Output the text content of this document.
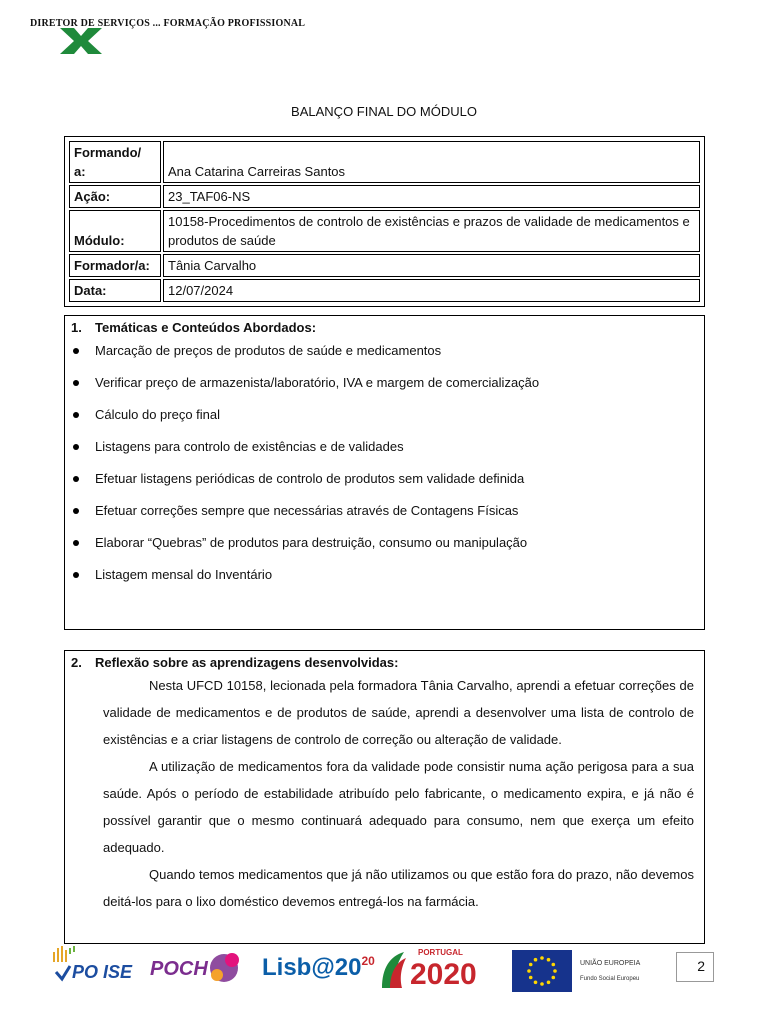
DIRETOR DE SERVIÇOS ... FORMAÇÃO PROFISSIONAL
BALANÇO FINAL DO MÓDULO
Formando/
a:	Ana Catarina Carreiras Santos
Ação:	23_TAF06-NS
Módulo:	10158-Procedimentos de controlo de existências e prazos de validade de medicamentos e produtos de saúde
Formador/a:	Tânia Carvalho
Data:	12/07/2024
1. Temáticas e Conteúdos Abordados:
Marcação de preços de produtos de saúde e medicamentos
Verificar preço de armazenista/laboratório, IVA e margem de comercialização
Cálculo do preço final
Listagens para controlo de existências e de validades
Efetuar listagens periódicas de controlo de produtos sem validade definida
Efetuar correções sempre que necessárias através de Contagens Físicas
Elaborar “Quebras” de produtos para destruição, consumo ou manipulação
Listagem mensal do Inventário
2. Reflexão sobre as aprendizagens desenvolvidas:

Nesta UFCD 10158, lecionada pela formadora Tânia Carvalho, aprendi a efetuar correções de validade de medicamentos e de produtos de saúde, aprendi a desenvolver uma lista de controlo de existências e a criar listagens de controlo de correção ou alteração de validade.

A utilização de medicamentos fora da validade pode consistir numa ação perigosa para a sua saúde. Após o período de estabilidade atribuído pelo fabricante, o medicamento expira, e já não é possível garantir que o mesmo continuará adequado para consumo, nem que exerça um efeito adequado.

Quando temos medicamentos que já não utilizamos ou que estão fora do prazo, não devemos deitá-los para o lixo doméstico devemos entregá-los na farmácia.

PO ISE POCH $Lisb@20^{20}$
PORTUGAL
2020	UNIÃO EUROPEIA
Fundo Social Europeu
2
